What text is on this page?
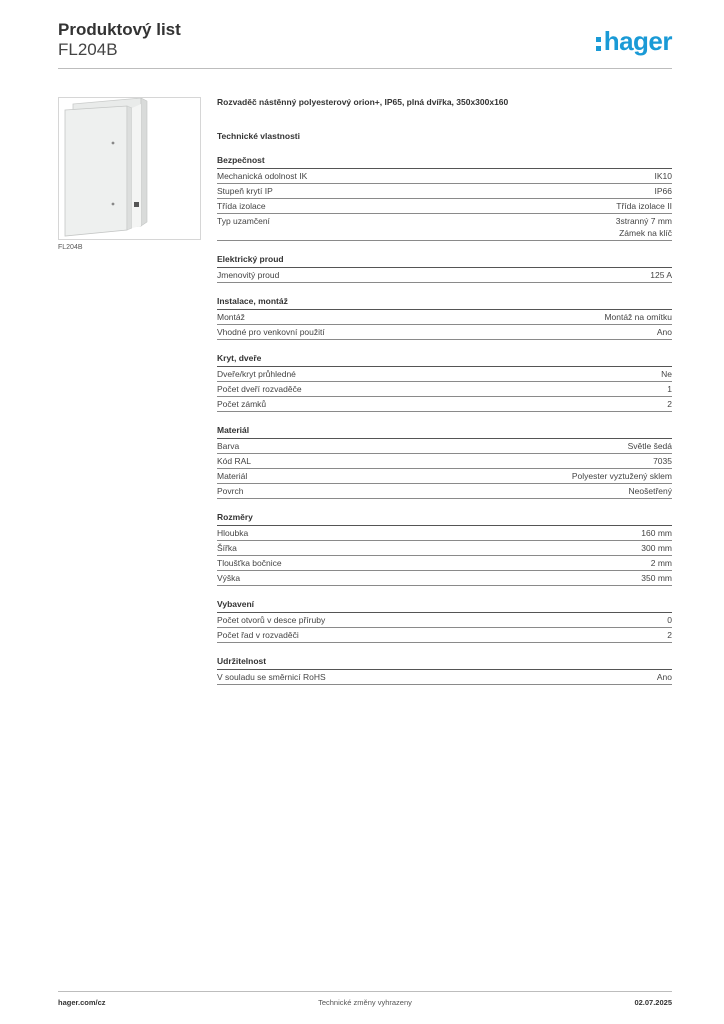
Produktový list
FL204B	hager
FL204B
Rozvaděč nástěnný polyesterový orion+, IP65, plná dvířka, 350x300x160
Technické vlastnosti
Bezpečnost
Mechanická odolnost IK	IK10
Stupeň krytí IP	IP66
Třída izolace	Třída izolace II
Typ uzamčení	3stranný 7 mm
Zámek na klíč
Elektrický proud
Jmenovitý proud	125 A
Instalace, montáž
Montáž	Montáž na omítku
Vhodné pro venkovní použití	Ano
Kryt, dveře
Dveře/kryt průhledné	Ne
Počet dveří rozvaděče	1
Počet zámků	2
Materiál
Barva	Světle šedá
Kód RAL	7035
Materiál	Polyester vyztužený sklem
Povrch	Neošetřený
Rozměry
Hloubka	160 mm
Šířka	300 mm
Tloušťka bočnice	2 mm
Výška	350 mm
Vybavení
Počet otvorů v desce příruby	0
Počet řad v rozvaděči	2
Udržitelnost
V souladu se směrnicí RoHS	Ano
hager.com/cz	Technické změny vyhrazeny	02.07.2025
